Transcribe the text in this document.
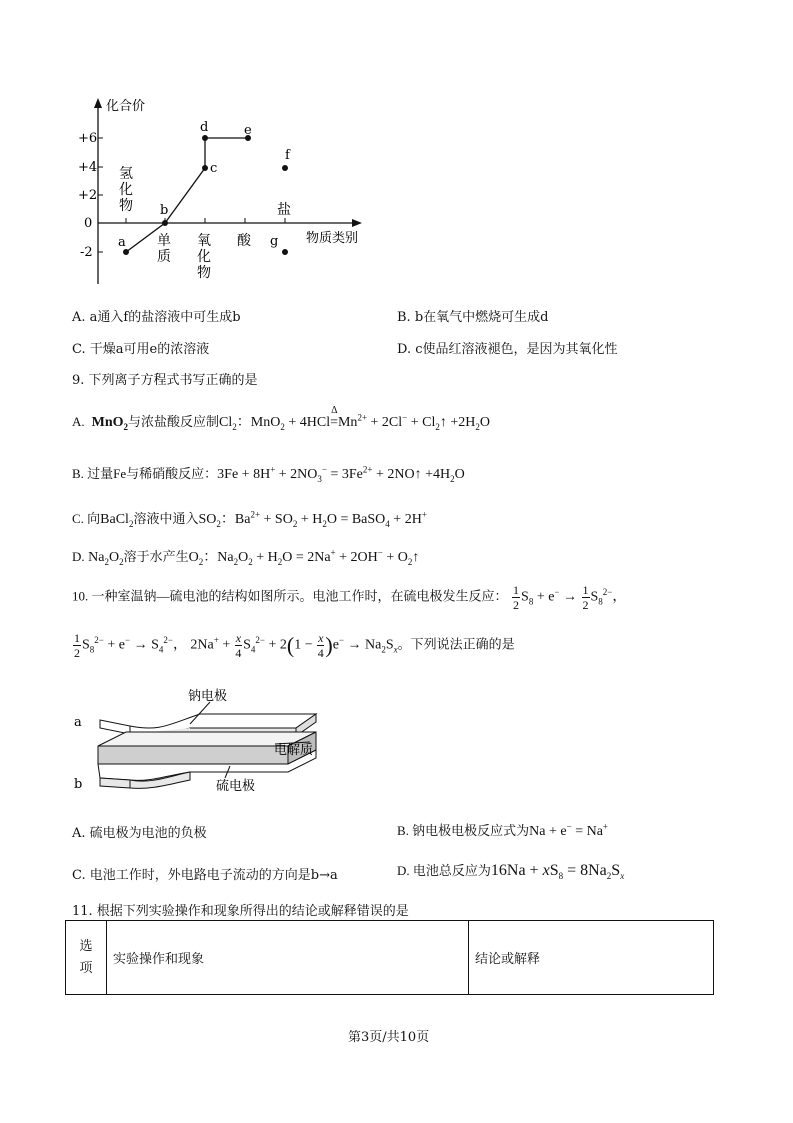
+6
+4
+2
0
-2
化合价
物质类别
a
b
c
d	e
f
g
氢化物
单质
氧化物
酸
盐
A. a通入f的盐溶液中可生成b	B. b在氧气中燃烧可生成d
C. 干燥a可用e的浓溶液	D. c使品红溶液褪色，是因为其氧化性
9. 下列离子方程式书写正确的是
A. MnO$_2$与浓盐酸反应制$Cl_2$：MnO$_2$ + 4HCl=
Δ
$Mn^{2+} + 2Cl^-$ + $Cl_2↑ +2H_2O$
B. 过量Fe与稀硝酸反应：$3Fe + 8H^+ + 2NO_3^- = 3Fe^{2+}$ + 2NO↑ $+4H_2O$
C. 向BaCl$_2$溶液中通入$SO_2$：$Ba^{2+} + SO_2 + H_2O$ = BaSO$_4$ + 2H+
D. $Na_2O_2$溶于水产生$O_2$：$Na_2O_2 + H_2O = 2Na^+ + 2OH^-$ + $O_2↑$
10. 一种室温钠—硫电池的结构如图所示。电池工作时，在硫电极发生反应： $\frac{1}{2} S_8 + e^- \to \frac{1}{2} S_8^{2-}$，
$\frac{1}{2} S_8^{2-} + e^- \to S_4^{2-}$， $2Na^+ + \frac{x}{4} S_4^{2-} + 2(1 - \frac{x}{4} )e^- \to Na_2S_x$。下列说法正确的是
钠电极
电解质
硫电极
a
b
A. 硫电极为电池的负极	B. 钠电极电极反应式为Na + e− = Na+
C. 电池工作时，外电路电子流动的方向是b→a	D. 电池总反应为$16Na + xS_8 = 8Na_2S_x$
11. 根据下列实验操作和现象所得出的结论或解释错误的是
选
项	实验操作和现象	结论或解释
第3页/共10页
